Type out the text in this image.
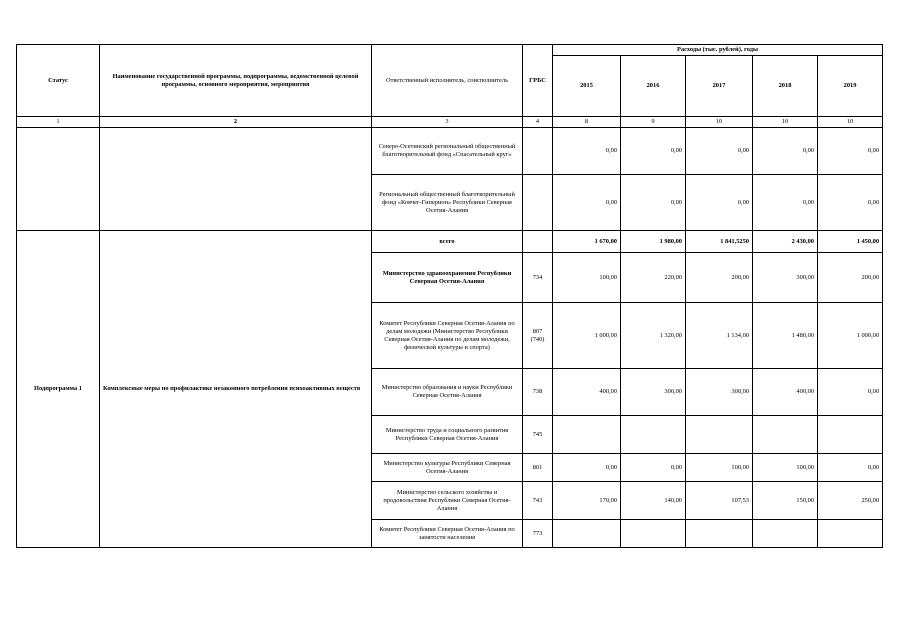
Статус	Наименование государственной программы, подпрограммы, ведомственной целевой программы, основного мероприятия, мероприятия	Ответственный исполнитель, соисполнитель	ГРБС	Расходы (тыс. рублей), годы				
				2015	2016	2017	2018	2019
1	2	3	4	8	9	10	10	10
		Северо-Осетинский региональный общественный благотворительный фонд «Спасательный круг»		0,00	0,00	0,00	0,00	0,00
		Региональный общественный благотворительный фонд «Ковчег-Гиперион» Республики Северная Осетия-Алания		0,00	0,00	0,00	0,00	0,00
Подпрограмма 1	Комплексные меры по профилактике незаконного потребления психоактивных веществ	всего		1 670,00	1 980,00	1 841,5250	2 430,00	1 450,00
		Министерство здравоохранения Республики Северная Осетия-Алания	734	100,00	220,00	200,00	300,00	200,00
		Комитет Республики Северная Осетия-Алания по делам молодежи (Министерство Республики Северная Осетия-Алания по делам молодежи, физической культуры и спорта)	807 (740)	1 000,00	1 320,00	1 134,00	1 480,00	1 000,00
		Министерство образования и науки Республики Северная Осетия-Алания	738	400,00	300,00	300,00	400,00	0,00
		Министерство труда и социального развития Республики Северная Осетия-Алания	745					
		Министерство культуры Республики Северная Осетия-Алания	801	0,00	0,00	100,00	100,00	0,00
		Министерство сельского хозяйства и продовольствия Республики Северная Осетия-Алания	743	170,00	140,00	107,53	150,00	250,00
		Комитет Республики Северная Осетия-Алания по занятости населения	773					
